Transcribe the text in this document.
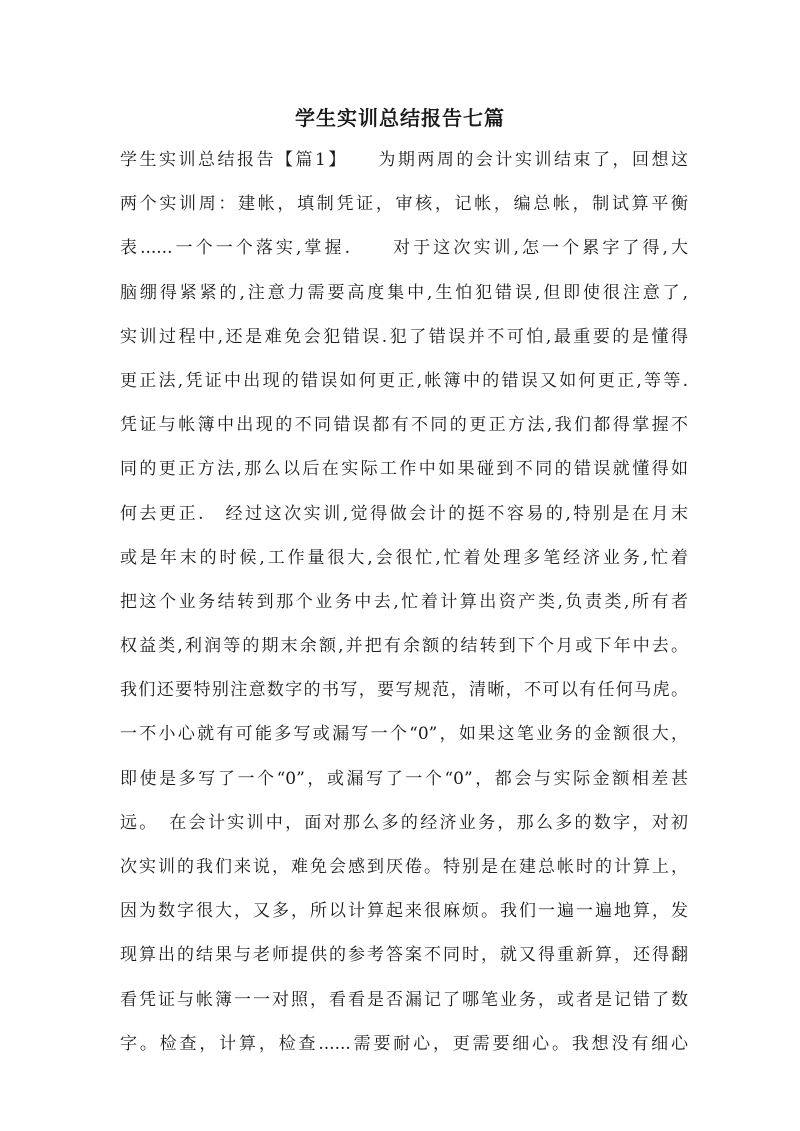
学生实训总结报告七篇
学生实训总结报告【篇1】　　为期两周的会计实训结束了，回想这
两个实训周：建帐，填制凭证，审核，记帐，编总帐，制试算平衡
表......一个一个落实,掌握.　　对于这次实训,怎一个累字了得,大
脑绷得紧紧的,注意力需要高度集中,生怕犯错误,但即使很注意了,
实训过程中,还是难免会犯错误.犯了错误并不可怕,最重要的是懂得
更正法,凭证中出现的错误如何更正,帐簿中的错误又如何更正,等等.
凭证与帐簿中出现的不同错误都有不同的更正方法,我们都得掌握不
同的更正方法,那么以后在实际工作中如果碰到不同的错误就懂得如
何去更正.　经过这次实训,觉得做会计的挺不容易的,特别是在月末
或是年末的时候,工作量很大,会很忙,忙着处理多笔经济业务,忙着
把这个业务结转到那个业务中去,忙着计算出资产类,负责类,所有者
权益类,利润等的期末余额,并把有余额的结转到下个月或下年中去。
我们还要特别注意数字的书写，要写规范，清晰，不可以有任何马虎。
一不小心就有可能多写或漏写一个“0”，如果这笔业务的金额很大，
即使是多写了一个“0”，或漏写了一个“0”，都会与实际金额相差甚
远。　在会计实训中，面对那么多的经济业务，那么多的数字，对初
次实训的我们来说，难免会感到厌倦。特别是在建总帐时的计算上，
因为数字很大，又多，所以计算起来很麻烦。我们一遍一遍地算，发
现算出的结果与老师提供的参考答案不同时，就又得重新算，还得翻
看凭证与帐簿一一对照，看看是否漏记了哪笔业务，或者是记错了数
字。检查，计算，检查......需要耐心，更需要细心。我想没有细心
